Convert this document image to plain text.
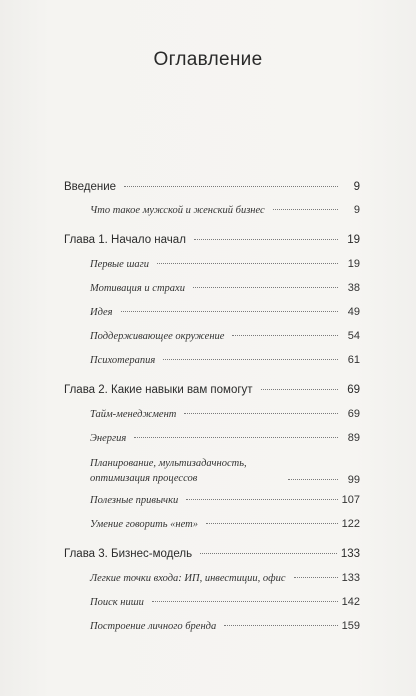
Оглавление
Введение	9
Что такое мужской и женский бизнес	9
Глава 1. Начало начал	19
Первые шаги	19
Мотивация и страхи	38
Идея	49
Поддерживающее окружение	54
Психотерапия	61
Глава 2. Какие навыки вам помогут	69
Тайм-менеджмент	69
Энергия	89
Планирование, мультизадачность, оптимизация процессов	99
Полезные привычки	107
Умение говорить «нет»	122
Глава 3. Бизнес-модель	133
Легкие точки входа: ИП, инвестиции, офис	133
Поиск ниши	142
Построение личного бренда	159
